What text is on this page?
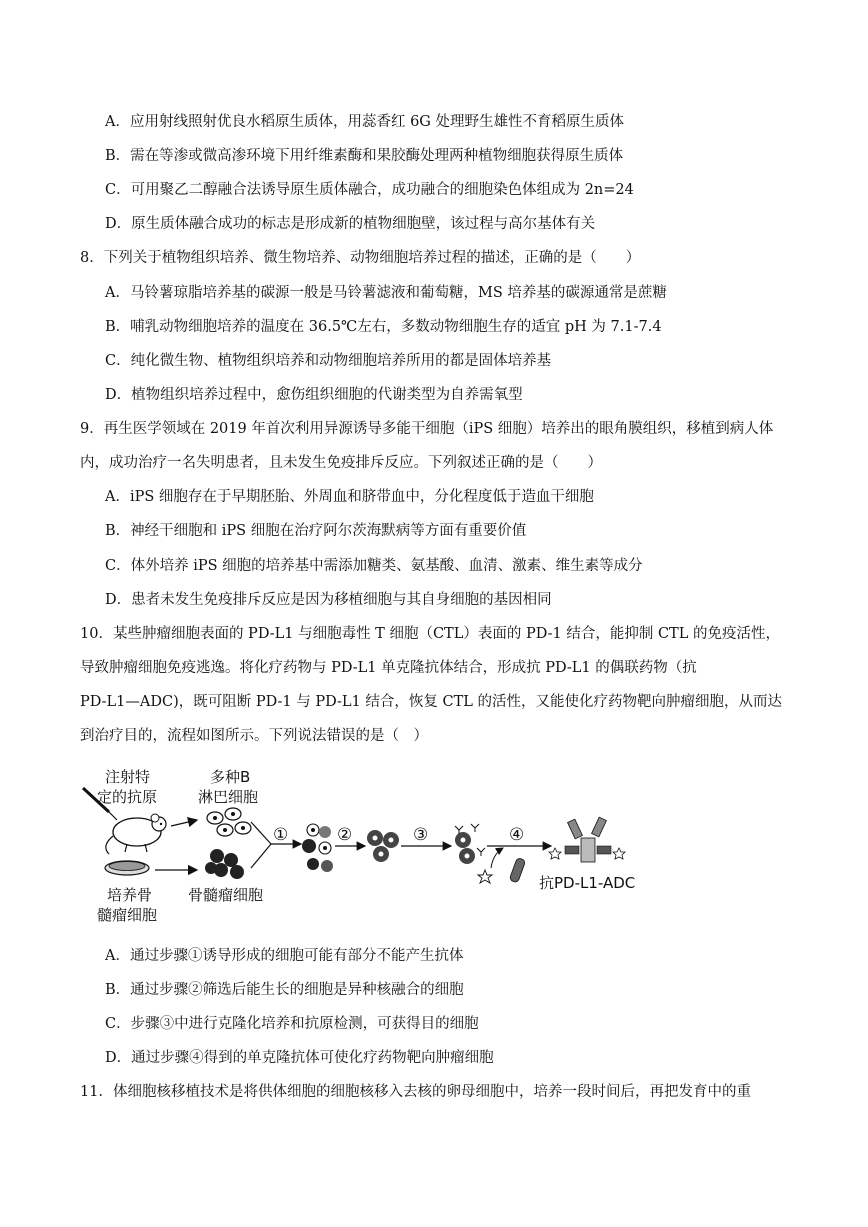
A．应用射线照射优良水稻原生质体，用蕊香红 6G 处理野生雄性不育稻原生质体
B．需在等渗或微高渗环境下用纤维素酶和果胶酶处理两种植物细胞获得原生质体
C．可用聚乙二醇融合法诱导原生质体融合，成功融合的细胞染色体组成为 2n=24
D．原生质体融合成功的标志是形成新的植物细胞壁，该过程与高尔基体有关
8．下列关于植物组织培养、微生物培养、动物细胞培养过程的描述，正确的是（　　）
A．马铃薯琼脂培养基的碳源一般是马铃薯滤液和葡萄糖，MS 培养基的碳源通常是蔗糖
B．哺乳动物细胞培养的温度在 36.5℃左右，多数动物细胞生存的适宜 pH 为 7.1-7.4
C．纯化微生物、植物组织培养和动物细胞培养所用的都是固体培养基
D．植物组织培养过程中，愈伤组织细胞的代谢类型为自养需氧型
9．再生医学领域在 2019 年首次利用异源诱导多能干细胞（iPS 细胞）培养出的眼角膜组织，移植到病人体
内，成功治疗一名失明患者，且未发生免疫排斥反应。下列叙述正确的是（　　）
A．iPS 细胞存在于早期胚胎、外周血和脐带血中，分化程度低于造血干细胞
B．神经干细胞和 iPS 细胞在治疗阿尔茨海默病等方面有重要价值
C．体外培养 iPS 细胞的培养基中需添加糖类、氨基酸、血清、激素、维生素等成分
D．患者未发生免疫排斥反应是因为移植细胞与其自身细胞的基因相同
10．某些肿瘤细胞表面的 PD-L1 与细胞毒性 T 细胞（CTL）表面的 PD-1 结合，能抑制 CTL 的免疫活性，
导致肿瘤细胞免疫逃逸。将化疗药物与 PD-L1 单克隆抗体结合，形成抗 PD-L1 的偶联药物（抗
PD-L1—ADC)，既可阻断 PD-1 与 PD-L1 结合，恢复 CTL 的活性，又能使化疗药物靶向肿瘤细胞，从而达
到治疗目的，流程如图所示。下列说法错误的是（　）
注射特
定的抗原
多种B
淋巴细胞
培养骨
髓瘤细胞
骨髓瘤细胞
抗PD-L1-ADC
①	②	③	④
A．通过步骤①诱导形成的细胞可能有部分不能产生抗体
B．通过步骤②筛选后能生长的细胞是异种核融合的细胞
C．步骤③中进行克隆化培养和抗原检测，可获得目的细胞
D．通过步骤④得到的单克隆抗体可使化疗药物靶向肿瘤细胞
11．体细胞核移植技术是将供体细胞的细胞核移入去核的卵母细胞中，培养一段时间后，再把发育中的重
